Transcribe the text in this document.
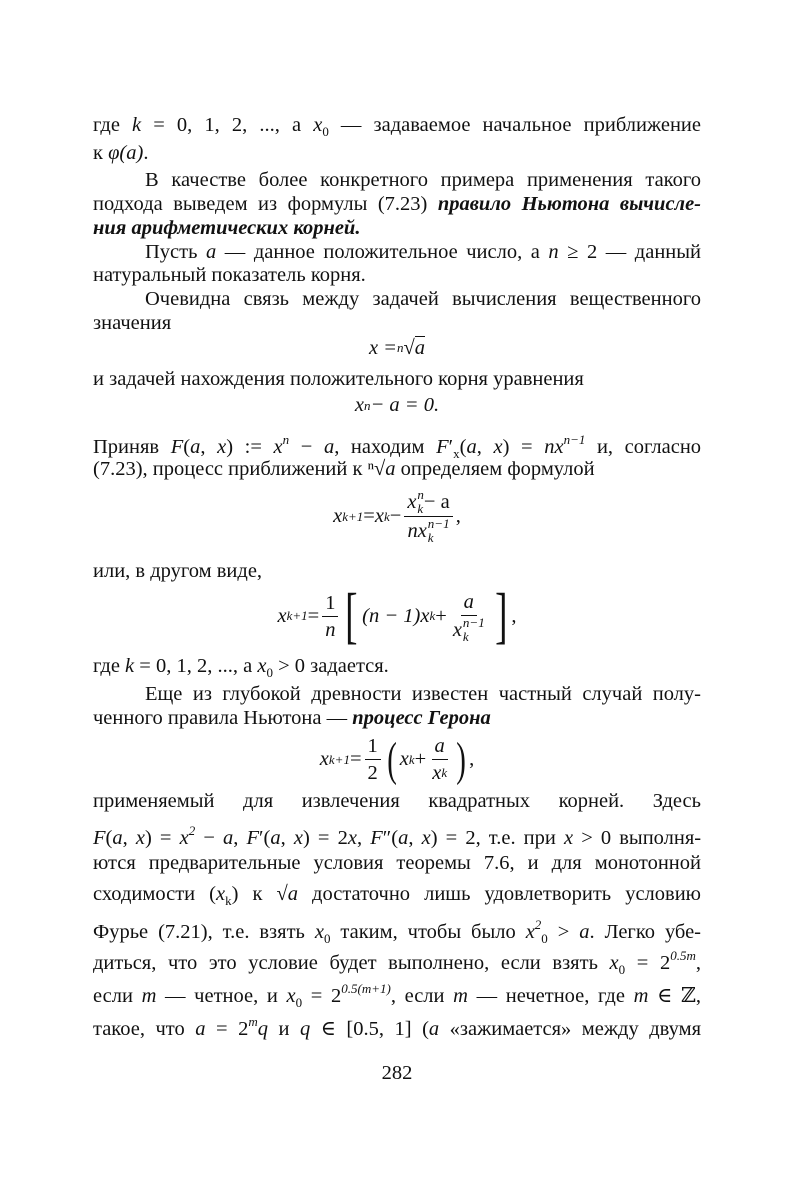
где k = 0, 1, 2, ..., а $x_0$ — задаваемое начальное приближение
к φ(a).
В качестве более конкретного примера применения такого
подхода выведем из формулы (7.23) правило Ньютона вычисле-
ния арифметических корней.
Пусть a — данное положительное число, а n ≥ 2 — данный
натуральный показатель корня.
Очевидна связь между задачей вычисления вещественного
значения
и задачей нахождения положительного корня уравнения
Приняв F(a, x) := $x^n - a$, находим $F'_x(a$, $x) = nx^{n-1}$ и, согласно
(7.23), процесс приближений к ⁿ√a определяем формулой
или, в другом виде,
где k = 0, 1, 2, ..., а $x_0 > 0$ задается.
Еще из глубокой древности известен частный случай полу-
ченного правила Ньютона — процесс Герона
применяемый для извлечения квадратных корней. Здесь
F(a, $x) = x^2 - a$, F′(a, x) = 2x, F″(a, x) = 2, т.е. при x > 0 выполня-
ются предварительные условия теоремы 7.6, и для монотонной
сходимости $(x_k)$ к √a достаточно лишь удовлетворить условию
Фурье (7.21), т.е. взять $x_0$ таким, чтобы было $x^2_0 > a$. Легко убе-
диться, что это условие будет выполнено, если взять $x_0 = 2^{0.5m}$,
если m — четное, и $x_0 = 2^{0.5(m+1)}$, если m — нечетное, где m ∈ ℤ,
такое, что $a = 2^mq$ и q ∈ [0.5, 1] (a «зажимается» между двумя
x = n √ a
x n − a = 0.
x k+1 = x k − x n
k − a
n x n−1
k ,
x $k+1 = \frac{1}{n}$ [ (n − 1)x k + a
x n−1
k ] ,
x $k+1 = \frac{1}{2}$ ( x $k + \frac{a}{\text{x k}}$ ) ,
282
